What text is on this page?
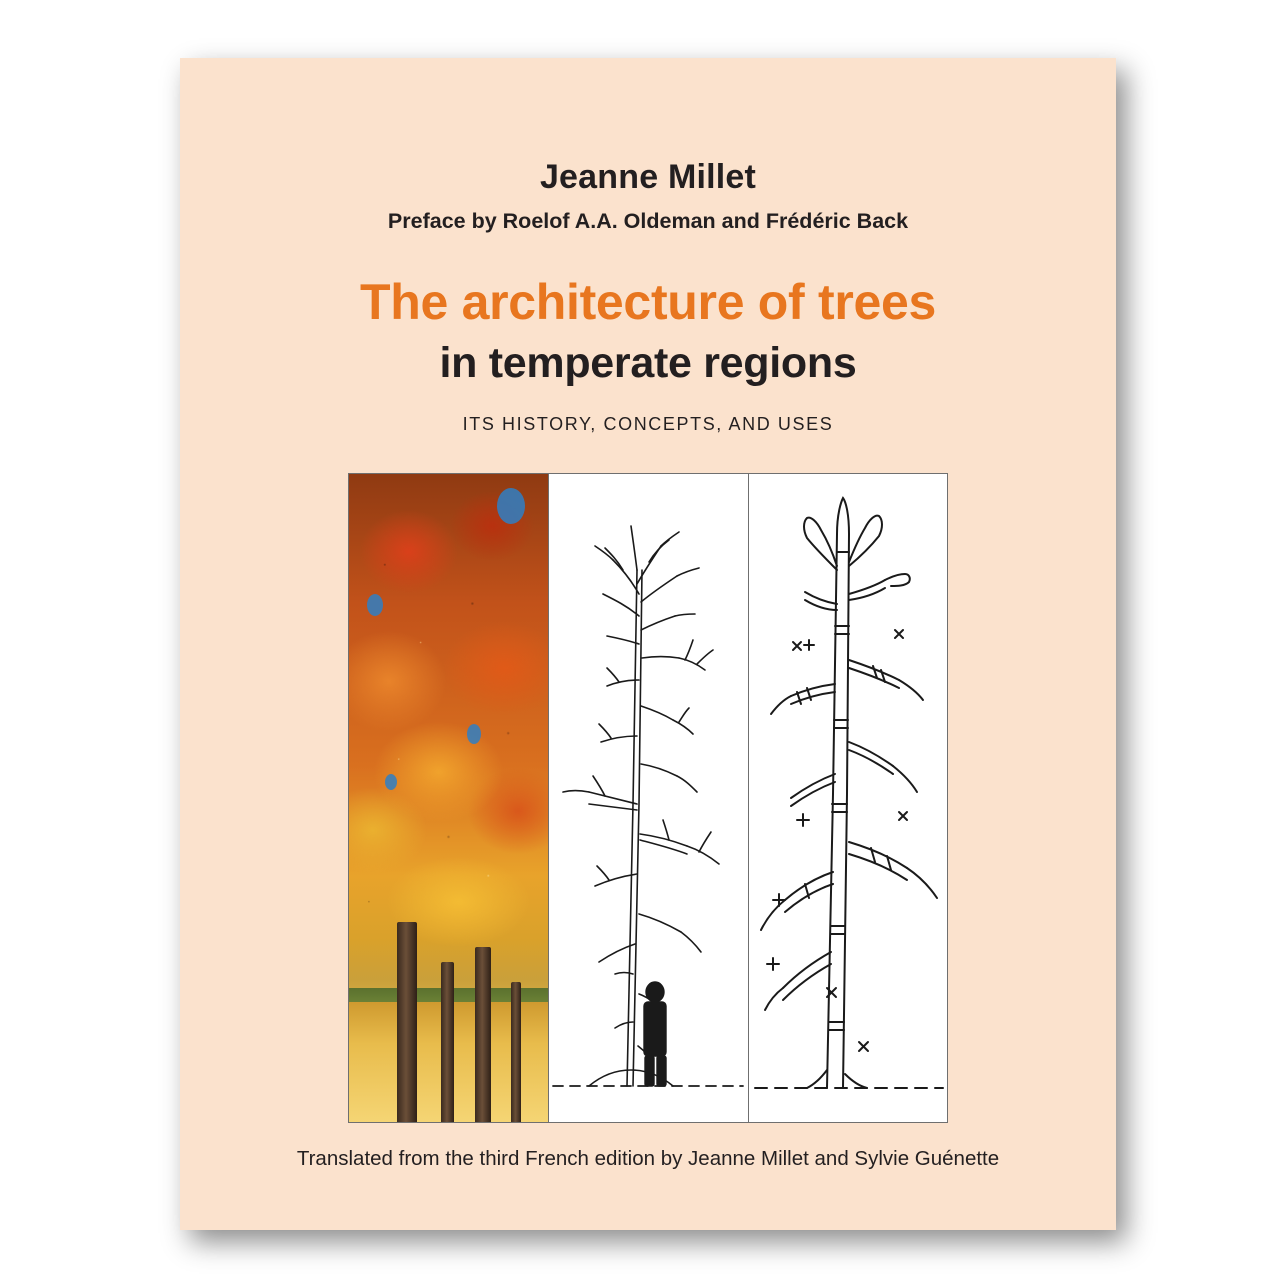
Jeanne Millet
Preface by Roelof A.A. Oldeman and Frédéric Back
The architecture of trees
in temperate regions
ITS HISTORY, CONCEPTS, AND USES
Translated from the third French edition by Jeanne Millet and Sylvie Guénette
